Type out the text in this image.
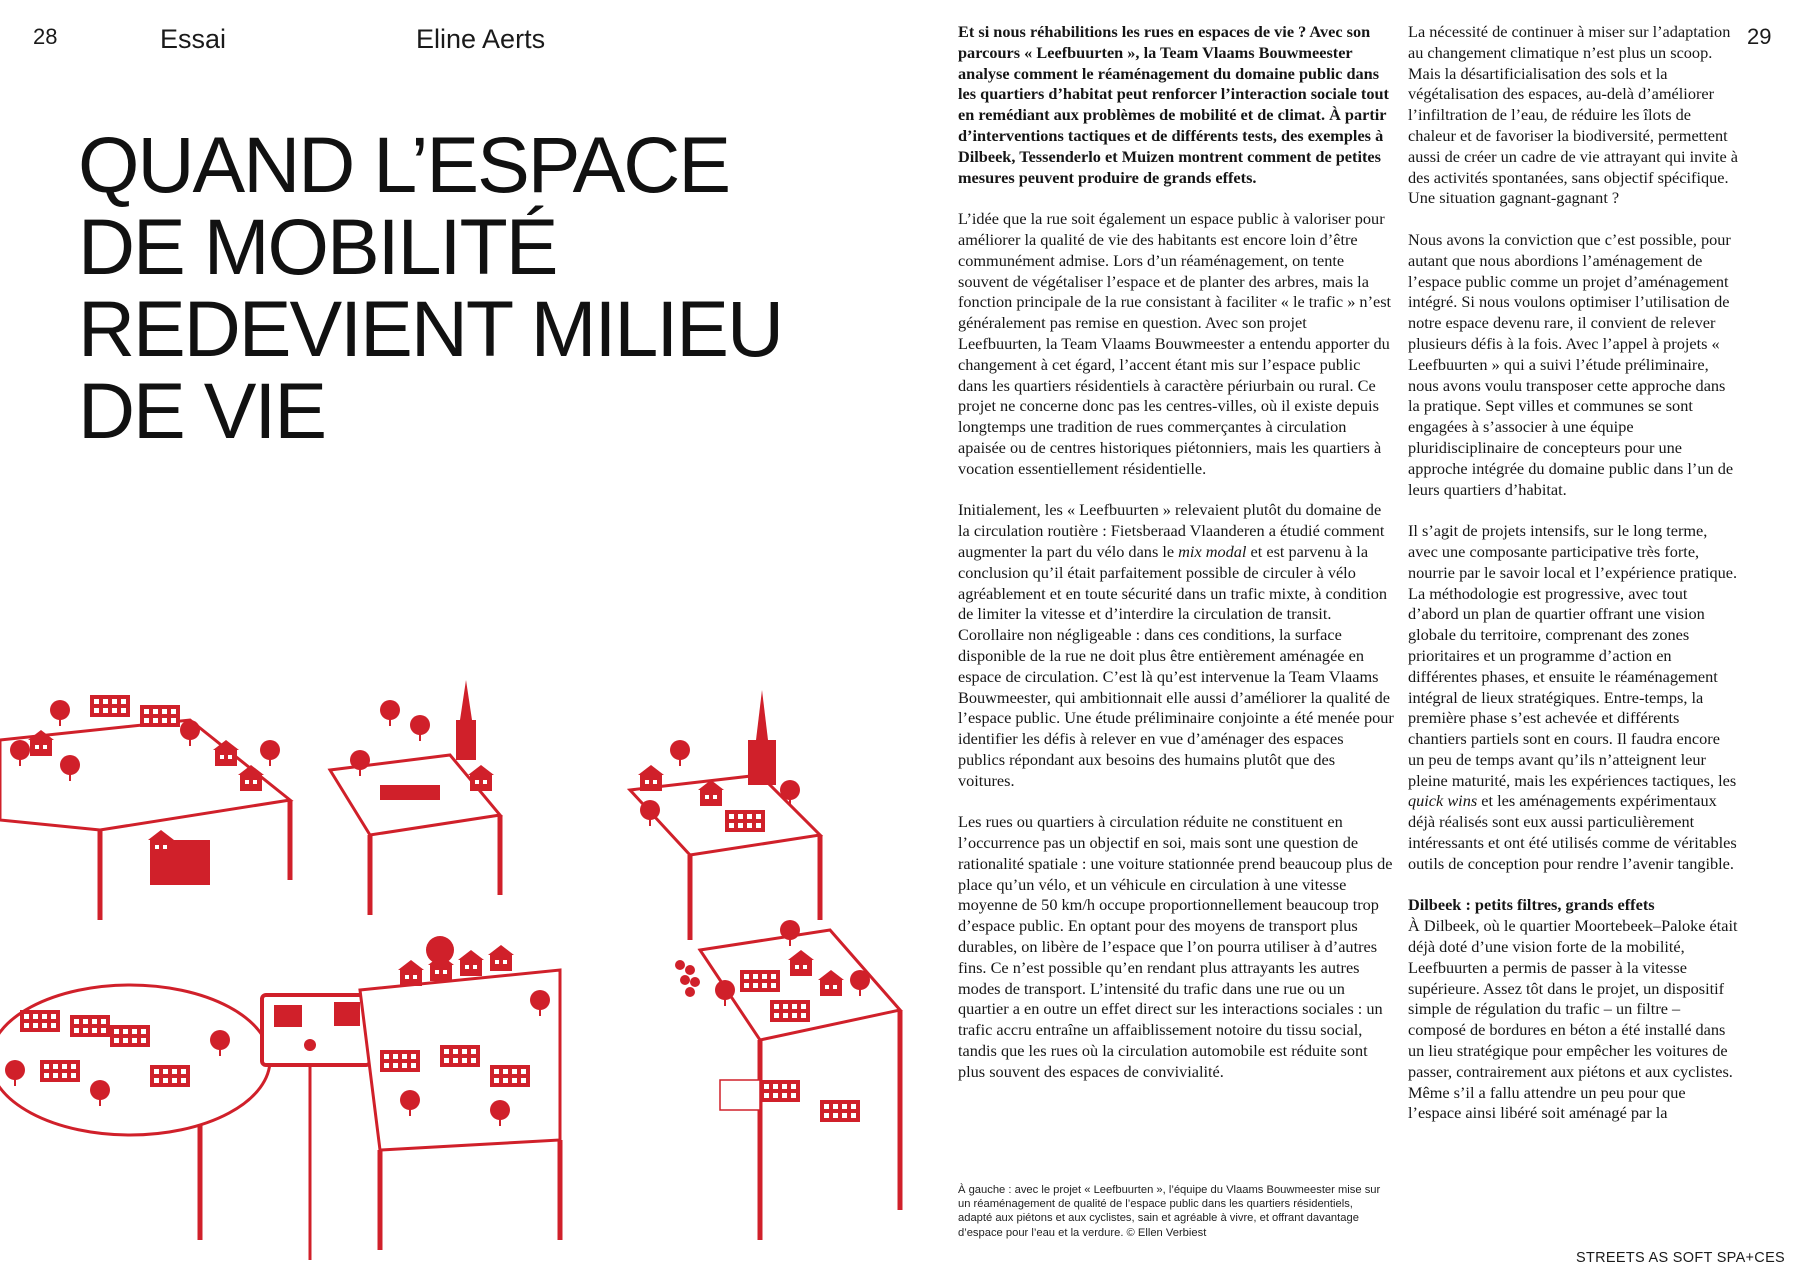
28	Essai	Eline Aerts	29
QUAND L’ESPACE
DE MOBILITÉ
REDEVIENT MILIEU
DE VIE

Et si nous réhabilitions les rues en espaces de vie ? Avec son parcours « Leefbuurten », la Team Vlaams Bouwmeester analyse comment le réaménagement du domaine public dans les quartiers d’habitat peut renforcer l’interaction sociale tout en remédiant aux problèmes de mobilité et de climat. À partir d’interventions tactiques et de différents tests, des exemples à Dilbeek, Tessenderlo et Muizen montrent comment de petites mesures peuvent produire de grands effets.

L’idée que la rue soit également un espace public à valoriser pour améliorer la qualité de vie des habitants est encore loin d’être communément admise. Lors d’un réaménagement, on tente souvent de végétaliser l’espace et de planter des arbres, mais la fonction principale de la rue consistant à faciliter « le trafic » n’est généralement pas remise en question. Avec son projet Leefbuurten, la Team Vlaams Bouwmeester a entendu apporter du changement à cet égard, l’accent étant mis sur l’espace public dans les quartiers résidentiels à caractère périurbain ou rural. Ce projet ne concerne donc pas les centres-villes, où il existe depuis longtemps une tradition de rues commerçantes à circulation apaisée ou de centres historiques piétonniers, mais les quartiers à vocation essentiellement résidentielle.

Initialement, les « Leefbuurten » relevaient plutôt du domaine de la circulation routière : Fietsberaad Vlaanderen a étudié comment augmenter la part du vélo dans le mix modal et est parvenu à la conclusion qu’il était parfaitement possible de circuler à vélo agréablement et en toute sécurité dans un trafic mixte, à condition de limiter la vitesse et d’interdire la circulation de transit. Corollaire non négligeable : dans ces conditions, la surface disponible de la rue ne doit plus être entièrement aménagée en espace de circulation. C’est là qu’est intervenue la Team Vlaams Bouwmeester, qui ambitionnait elle aussi d’améliorer la qualité de l’espace public. Une étude préliminaire conjointe a été menée pour identifier les défis à relever en vue d’aménager des espaces publics répondant aux besoins des humains plutôt que des voitures.

Les rues ou quartiers à circulation réduite ne constituent en l’occurrence pas un objectif en soi, mais sont une question de rationalité spatiale : une voiture stationnée prend beaucoup plus de place qu’un vélo, et un véhicule en circulation à une vitesse moyenne de 50 km/h occupe proportionnellement beaucoup trop d’espace public. En optant pour des moyens de transport plus durables, on libère de l’espace que l’on pourra utiliser à d’autres fins. Ce n’est possible qu’en rendant plus attrayants les autres modes de transport. L’intensité du trafic dans une rue ou un quartier a en outre un effet direct sur les interactions sociales : un trafic accru entraîne un affaiblissement notoire du tissu social, tandis que les rues où la circulation automobile est réduite sont plus souvent des espaces de convivialité.

La nécessité de continuer à miser sur l’adaptation au changement climatique n’est plus un scoop. Mais la désartificialisation des sols et la végétalisation des espaces, au-delà d’améliorer l’infiltration de l’eau, de réduire les îlots de chaleur et de favoriser la biodiversité, permettent aussi de créer un cadre de vie attrayant qui invite à des activités spontanées, sans objectif spécifique. Une situation gagnant-gagnant ?

Nous avons la conviction que c’est possible, pour autant que nous abordions l’aménagement de l’espace public comme un projet d’aménagement intégré. Si nous voulons optimiser l’utilisation de notre espace devenu rare, il convient de relever plusieurs défis à la fois. Avec l’appel à projets « Leefbuurten » qui a suivi l’étude préliminaire, nous avons voulu transposer cette approche dans la pratique. Sept villes et communes se sont engagées à s’associer à une équipe pluridisciplinaire de concepteurs pour une approche intégrée du domaine public dans l’un de leurs quartiers d’habitat.

Il s’agit de projets intensifs, sur le long terme, avec une composante participative très forte, nourrie par le savoir local et l’expérience pratique. La méthodologie est progressive, avec tout d’abord un plan de quartier offrant une vision globale du territoire, comprenant des zones prioritaires et un programme d’action en différentes phases, et ensuite le réaménagement intégral de lieux stratégiques. Entre-temps, la première phase s’est achevée et différents chantiers partiels sont en cours. Il faudra encore un peu de temps avant qu’ils n’atteignent leur pleine maturité, mais les expériences tactiques, les quick wins et les aménagements expérimentaux déjà réalisés sont eux aussi particulièrement intéressants et ont été utilisés comme de véritables outils de conception pour rendre l’avenir tangible.

Dilbeek : petits filtres, grands effets

À Dilbeek, où le quartier Moortebeek–Paloke était déjà doté d’une vision forte de la mobilité, Leefbuurten a permis de passer à la vitesse supérieure. Assez tôt dans le projet, un dispositif simple de régulation du trafic – un filtre – composé de bordures en béton a été installé dans un lieu stratégique pour empêcher les voitures de passer, contrairement aux piétons et aux cyclistes. Même s’il a fallu attendre un peu pour que l’espace ainsi libéré soit aménagé par la

À gauche : avec le projet « Leefbuurten », l’équipe du Vlaams Bouwmeester mise sur un réaménagement de qualité de l’espace public dans les quartiers résidentiels, adapté aux piétons et aux cyclistes, sain et agréable à vivre, et offrant davantage d’espace pour l’eau et la verdure. © Ellen Verbiest
STREETS AS SOFT SPA+CES
